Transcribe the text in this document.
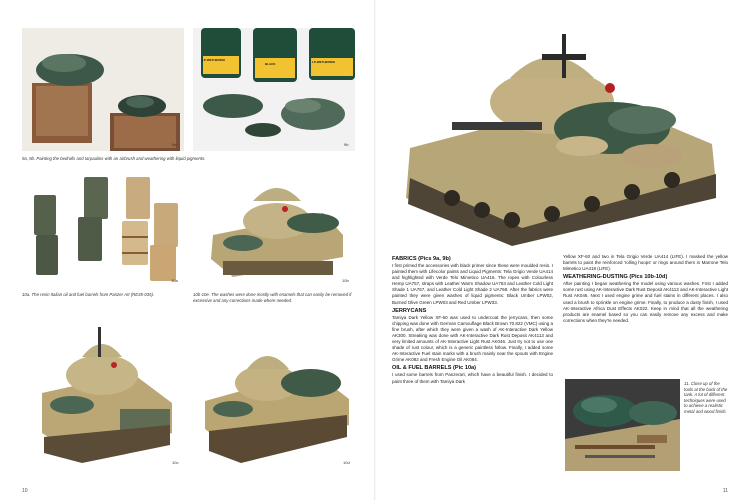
9a
LP-WETHERING
BLACK	LP-WETHERING
9b
9a, 9b. Painting the bedrolls and tarpaulins with an airbrush and weathering with liquid pigments.
10a	10b
10a. The resin Italian oil and fuel barrels from Panzer Art (RE35-035).	10b-10e. The washes were done mostly with enamels that can easily be removed if excessive and any corrections made where needed.
10c	10d
10
FABRICS (Pics 9a, 9b)

I first primed the accessories with black primer since these were moulded resin. I painted them with Lifecolor paints and Liquid Pigments: Tela Grigio Verde UA414 and highlighted with Verde Telo Mimetico UA416. The ropes with Colourless Hemp UA757, straps with Leather Warm Shadow UA763 and Leather Cold Light Shade 1 UA767, and Leather Cold Light Shade 2 UA768. After the fabrics were painted they were given washes of liquid pigments: Black Umber LPW02, Burned Olive Green LPW03 and Red Umber LPW33.

JERRYCANS

Tamiya Dark Yellow XF-60 was used to undercoat the jerrycans, then some chipping was done with German Camouflage Black Brown 70.822 (VMC) using a fine brush, after which they were given a wash of AK-Interactive Dark Yellow AK300. Streaking was done with AK-Interactive Dark Rust Deposit AK4113 and very limited amounts of AK-Interactive Light Rust AK046. Just try not to use one shade of rust colour, which is a generic paintless follow. Finally, I added some AK-Interactive Fuel stain marks with a brush mainly near the spouts with Engine Grime AK082 and Fresh Engine Oil AK084.

OIL & FUEL BARRELS (Pic 10a)

I used some barrels from Panzerart, which have a beautiful finish. I decided to paint three of them with Tamiya Dark

Yellow XF-60 and two in Tela Grigio Verde UA414 (LIFE). I masked the yellow barrels to paint the reinforced 'rolling hoops' or rings around them in Marrone Telo Mimetico UA418 (LIFE).

WEATHERING-DUSTING (Pics 10b-10d)

After painting I began weathering the model using various washes. First I added some rust using AK-Interactive Dark Rust Deposit AK4113 and AK-Interactive Light Rust AK046. Next I used engine grime and fuel stains in different places. I also used a brush to sprinkle on engine grime. Finally, to produce a dusty finish, I used AK-Interactive Africa Dust Effects AK022. Keep in mind that all the weathering products are enamel based so you can easily remove any excess and make corrections when they're needed.

11. Close up of the tools at the back of the tank. A lot of different techniques were used to achieve a realistic metal and wood finish.
11
